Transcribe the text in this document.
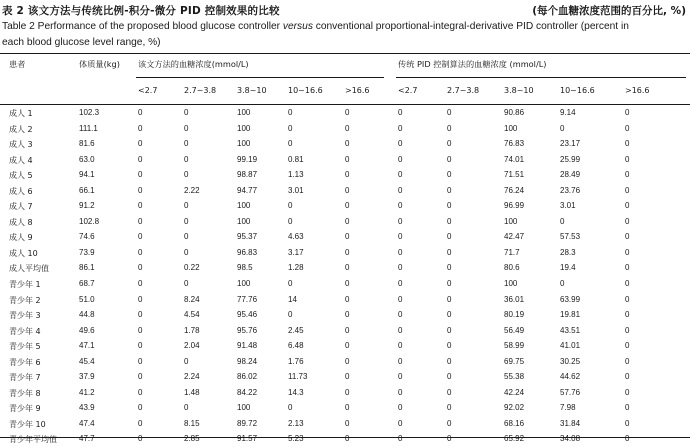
表 2 该文方法与传统比例-积分-微分 PID 控制效果的比较	(每个血糖浓度范围的百分比, %)
Table 2 Performance of the proposed blood glucose controller versus conventional proportional-integral-derivative PID controller (percent in
each blood glucose level range, %)
患者	体质量(kg) 该文方法的血糖浓度(mmol/L)	传统 PID 控制算法的血糖浓度 (mmol/L)
<2.7	2.7~3.8	3.8~10	10~16.6	>16.6	<2.7	2.7~3.8	3.8~10	10~16.6	>16.6
成人 1	102.3	0	0	100	0	0	0	0	90.86	9.14	0
成人 2	111.1	0	0	100	0	0	0	0	100	0	0
成人 3	81.6	0	0	100	0	0	0	0	76.83	23.17	0
成人 4	63.0	0	0	99.19	0.81	0	0	0	74.01	25.99	0
成人 5	94.1	0	0	98.87	1.13	0	0	0	71.51	28.49	0
成人 6	66.1	0	2.22	94.77	3.01	0	0	0	76.24	23.76	0
成人 7	91.2	0	0	100	0	0	0	0	96.99	3.01	0
成人 8	102.8	0	0	100	0	0	0	0	100	0	0
成人 9	74.6	0	0	95.37	4.63	0	0	0	42.47	57.53	0
成人 10	73.9	0	0	96.83	3.17	0	0	0	71.7	28.3	0
成人平均值	86.1	0	0.22	98.5	1.28	0	0	0	80.6	19.4	0
青少年 1	68.7	0	0	100	0	0	0	0	100	0	0
青少年 2	51.0	0	8.24	77.76	14	0	0	0	36.01	63.99	0
青少年 3	44.8	0	4.54	95.46	0	0	0	0	80.19	19.81	0
青少年 4	49.6	0	1.78	95.76	2.45	0	0	0	56.49	43.51	0
青少年 5	47.1	0	2.04	91.48	6.48	0	0	0	58.99	41.01	0
青少年 6	45.4	0	0	98.24	1.76	0	0	0	69.75	30.25	0
青少年 7	37.9	0	2.24	86.02	11.73	0	0	0	55.38	44.62	0
青少年 8	41.2	0	1.48	84.22	14.3	0	0	0	42.24	57.76	0
青少年 9	43.9	0	0	100	0	0	0	0	92.02	7.98	0
青少年 10	47.4	0	8.15	89.72	2.13	0	0	0	68.16	31.84	0
青少年平均值	47.7	0	2.85	91.57	5.23	0	0	0	65.92	34.08	0
